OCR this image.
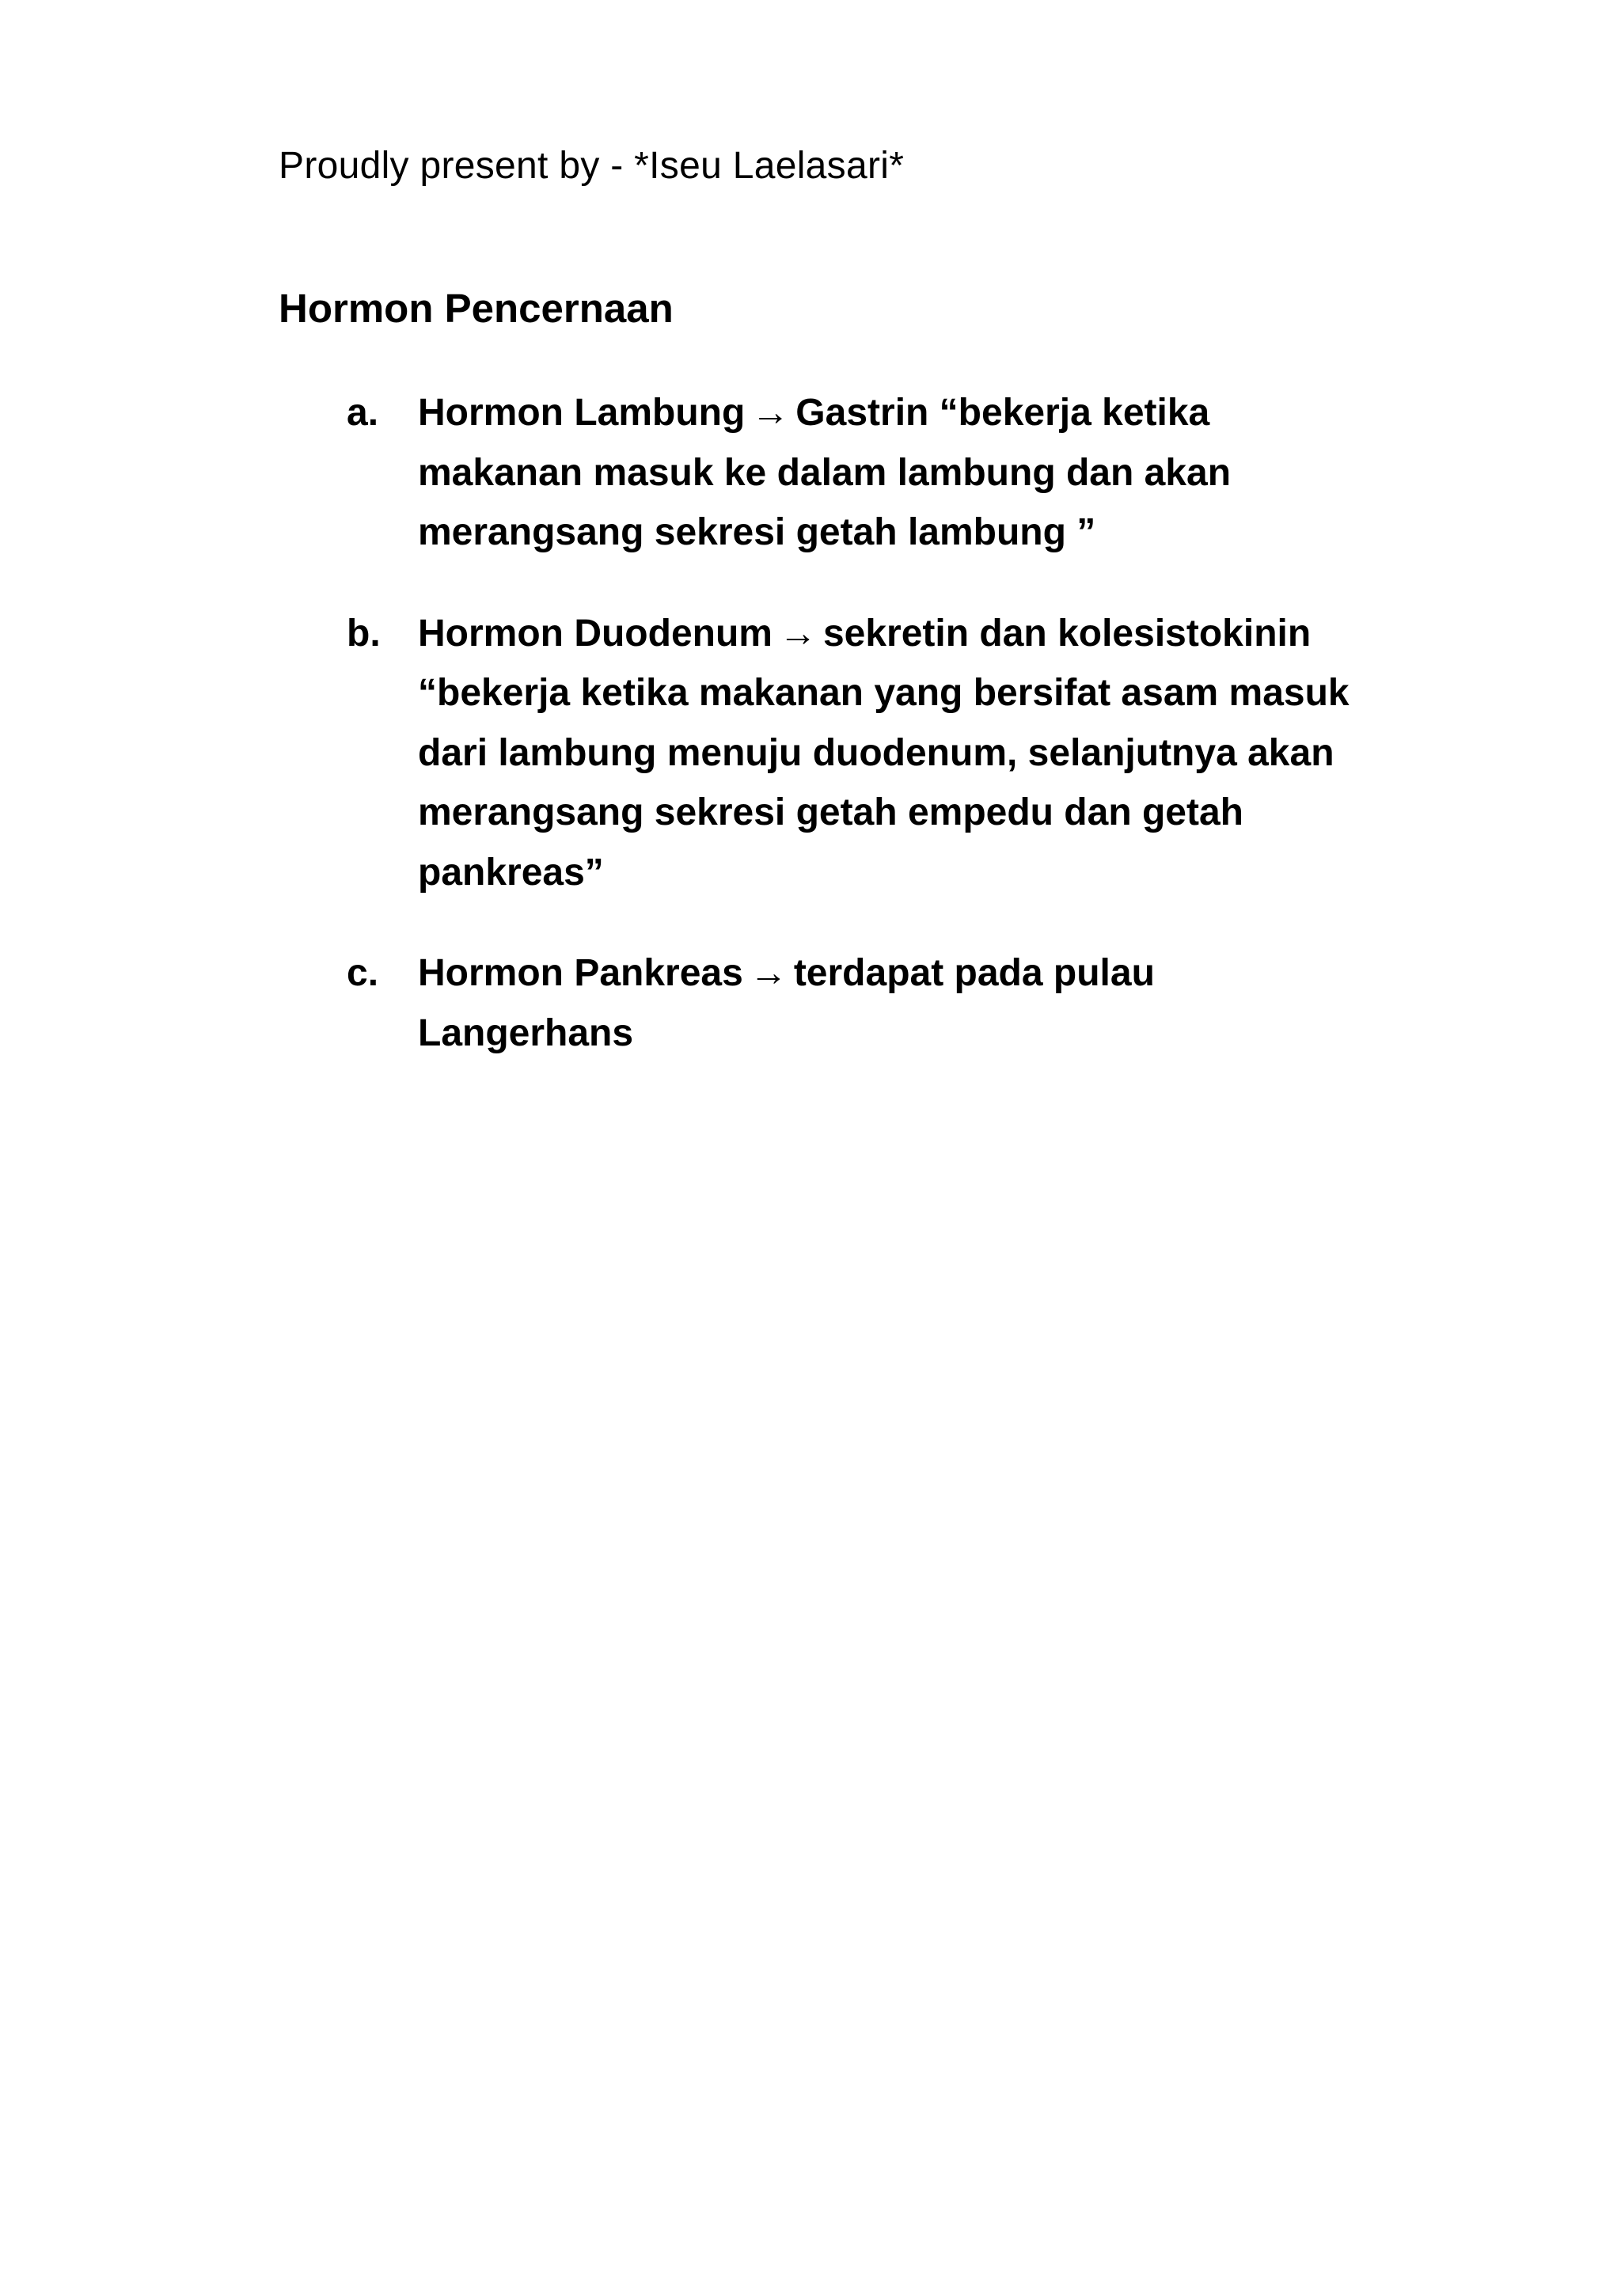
Proudly present by - *Iseu Laelasari*
Hormon Pencernaan
a.	Hormon Lambung → Gastrin “bekerja ketika
makanan masuk ke dalam lambung dan akan
merangsang sekresi getah lambung ”
b. Hormon Duodenum → sekretin dan kolesistokinin
“bekerja ketika makanan yang bersifat asam masuk
dari lambung menuju duodenum, selanjutnya akan
merangsang sekresi getah empedu dan getah
pankreas”
c.	Hormon Pankreas → terdapat pada pulau
Langerhans
